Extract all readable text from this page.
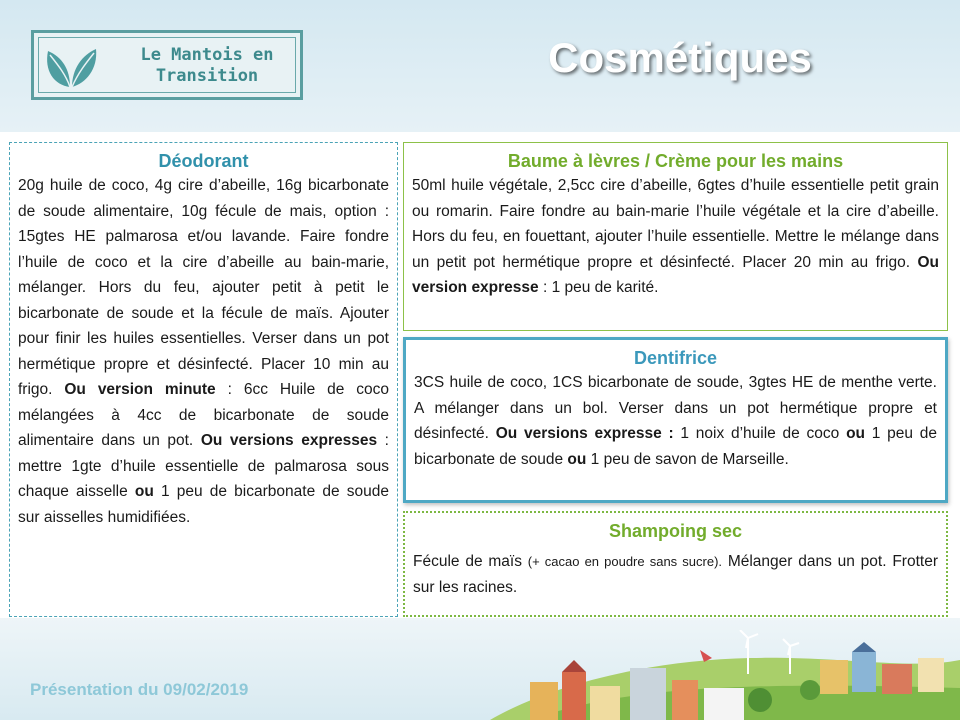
Le Mantois en Transition	Cosmétiques
Déodorant

20g huile de coco, 4g cire d’abeille, 16g bicarbonate de soude alimentaire, 10g fécule de mais, option : 15gtes HE palmarosa et/ou lavande. Faire fondre l’huile de coco et la cire d’abeille au bain-marie, mélanger. Hors du feu, ajouter petit à petit le bicarbonate de soude et la fécule de maïs. Ajouter pour finir les huiles essentielles. Verser dans un pot hermétique propre et désinfecté. Placer 10 min au frigo. Ou version minute : 6cc Huile de coco mélangées à 4cc de bicarbonate de soude alimentaire dans un pot. Ou versions expresses : mettre 1gte d’huile essentielle de palmarosa sous chaque aisselle ou 1 peu de bicarbonate de soude sur aisselles humidifiées.

Baume à lèvres / Crème pour les mains

50ml huile végétale, 2,5cc cire d’abeille, 6gtes d’huile essentielle petit grain ou romarin. Faire fondre au bain-marie l’huile végétale et la cire d’abeille. Hors du feu, en fouettant, ajouter l’huile essentielle. Mettre le mélange dans un petit pot hermétique propre et désinfecté. Placer 20 min au frigo. Ou version expresse : 1 peu de karité.

Dentifrice

3CS huile de coco, 1CS bicarbonate de soude, 3gtes HE de menthe verte. A mélanger dans un bol. Verser dans un pot hermétique propre et désinfecté. Ou versions expresse : 1 noix d’huile de coco ou 1 peu de bicarbonate de soude ou 1 peu de savon de Marseille.

Shampoing sec

Fécule de maïs (+ cacao en poudre sans sucre). Mélanger dans un pot. Frotter sur les racines.

Présentation du 09/02/2019
